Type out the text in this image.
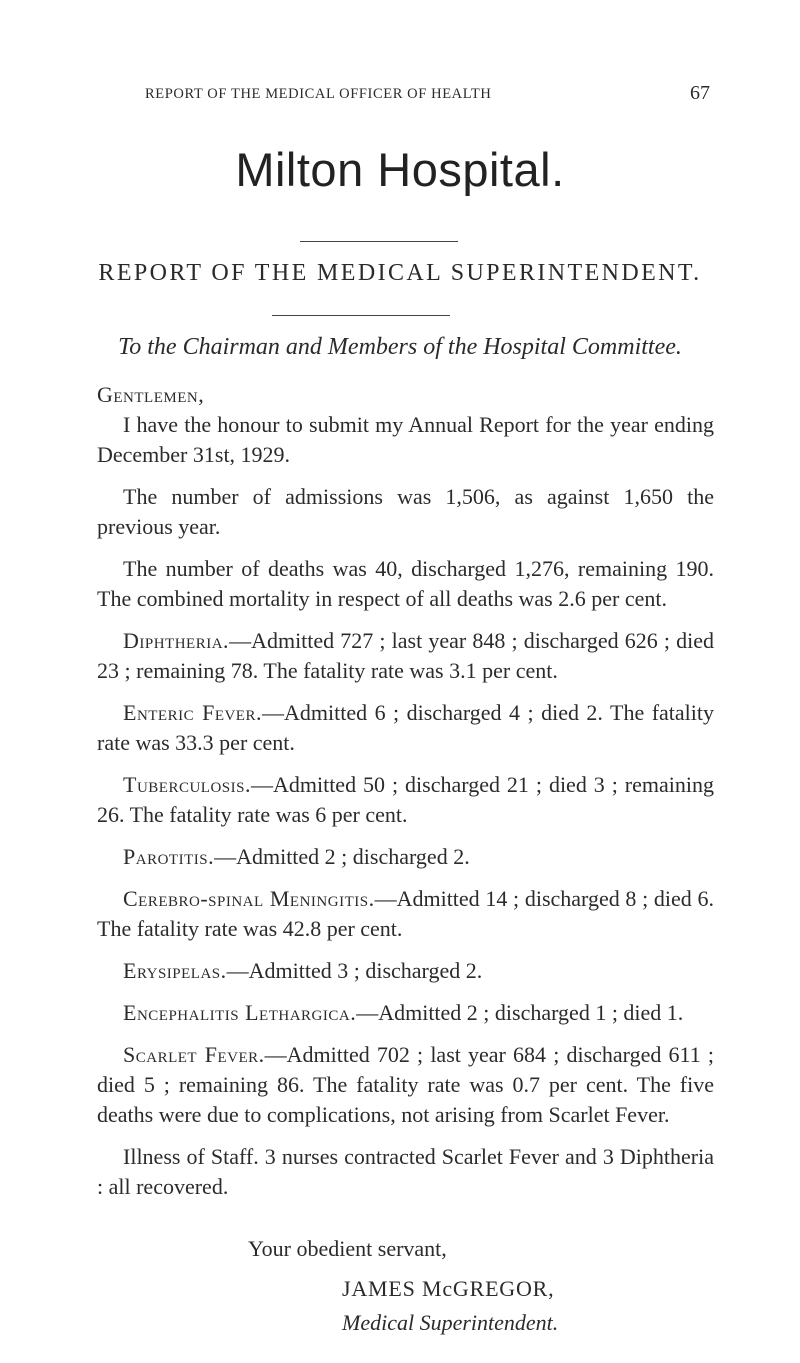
REPORT OF THE MEDICAL OFFICER OF HEALTH	67
Milton Hospital.
REPORT OF THE MEDICAL SUPERINTENDENT.
To the Chairman and Members of the Hospital Committee.

Gentlemen,

I have the honour to submit my Annual Report for the year ending December 31st, 1929.

The number of admissions was 1,506, as against 1,650 the previous year.

The number of deaths was 40, discharged 1,276, remaining 190. The combined mortality in respect of all deaths was 2.6 per cent.

Diphtheria.—Admitted 727 ; last year 848 ; discharged 626 ; died 23 ; remaining 78. The fatality rate was 3.1 per cent.

Enteric Fever.—Admitted 6 ; discharged 4 ; died 2. The fatality rate was 33.3 per cent.

Tuberculosis.—Admitted 50 ; discharged 21 ; died 3 ; remaining 26. The fatality rate was 6 per cent.

Parotitis.—Admitted 2 ; discharged 2.

Cerebro-spinal Meningitis.—Admitted 14 ; discharged 8 ; died 6. The fatality rate was 42.8 per cent.

Erysipelas.—Admitted 3 ; discharged 2.

Encephalitis Lethargica.—Admitted 2 ; discharged 1 ; died 1.

Scarlet Fever.—Admitted 702 ; last year 684 ; discharged 611 ; died 5 ; remaining 86. The fatality rate was 0.7 per cent. The five deaths were due to complications, not arising from Scarlet Fever.

Illness of Staff. 3 nurses contracted Scarlet Fever and 3 Diphtheria : all recovered.

Your obedient servant,
JAMES McGREGOR,
Medical Superintendent.
